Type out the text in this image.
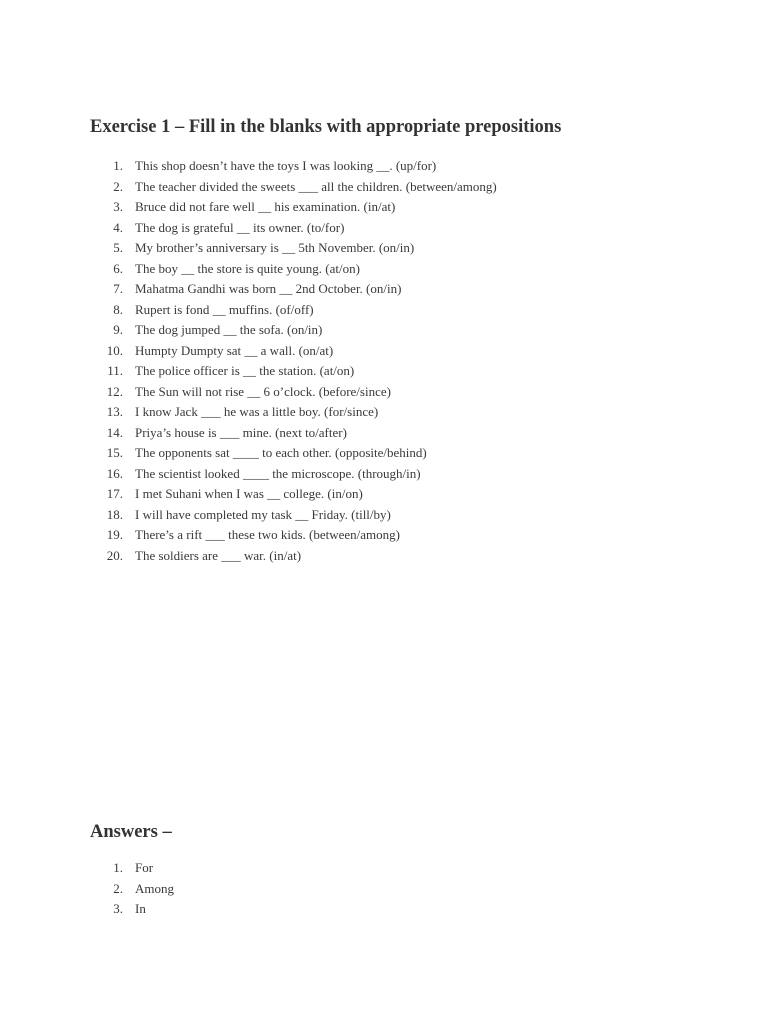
Exercise 1 – Fill in the blanks with appropriate prepositions
1. This shop doesn’t have the toys I was looking __. (up/for)
2. The teacher divided the sweets ___ all the children. (between/among)
3. Bruce did not fare well __ his examination. (in/at)
4. The dog is grateful __ its owner. (to/for)
5. My brother’s anniversary is __ 5th November. (on/in)
6. The boy __ the store is quite young. (at/on)
7. Mahatma Gandhi was born __ 2nd October. (on/in)
8. Rupert is fond __ muffins. (of/off)
9. The dog jumped __ the sofa. (on/in)
10. Humpty Dumpty sat __ a wall. (on/at)
11. The police officer is __ the station. (at/on)
12. The Sun will not rise __ 6 o’clock. (before/since)
13. I know Jack ___ he was a little boy. (for/since)
14. Priya’s house is ___ mine. (next to/after)
15. The opponents sat ____ to each other. (opposite/behind)
16. The scientist looked ____ the microscope. (through/in)
17. I met Suhani when I was __ college. (in/on)
18. I will have completed my task __ Friday. (till/by)
19. There’s a rift ___ these two kids. (between/among)
20. The soldiers are ___ war. (in/at)
Answers –
1. For
2. Among
3. In
